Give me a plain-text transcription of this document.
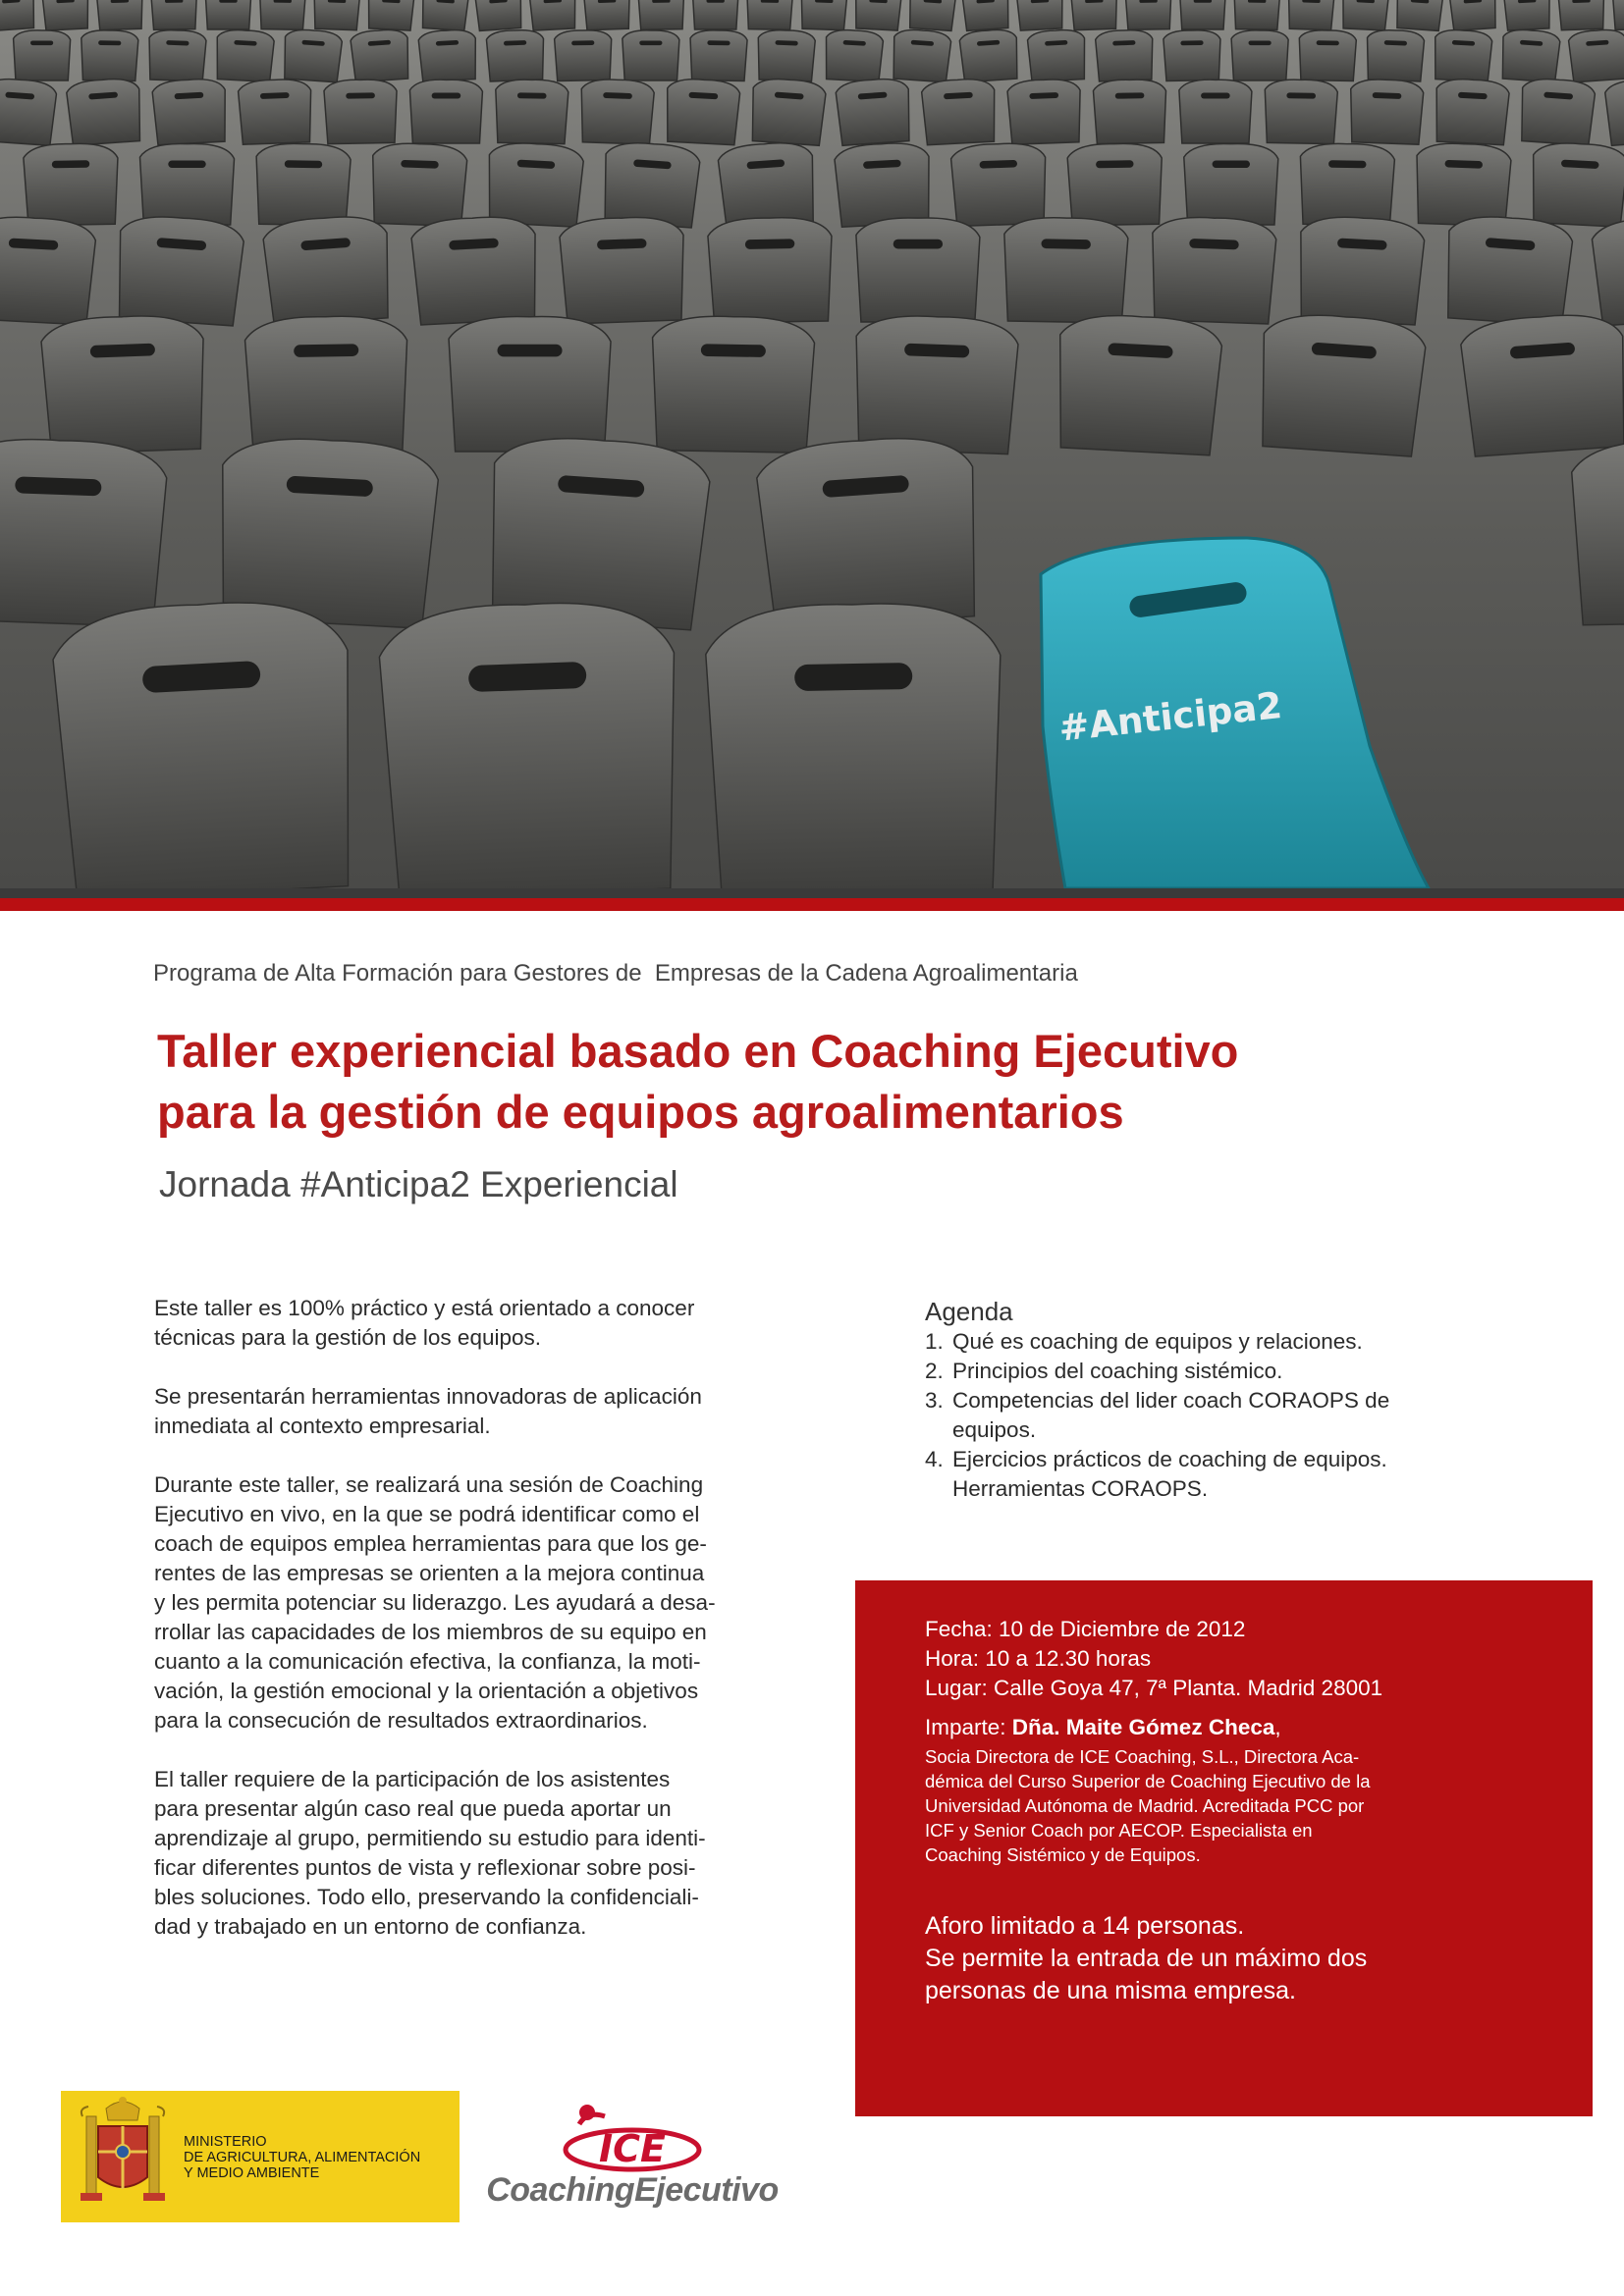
#Anticipa2
Programa de Alta Formación para Gestores de  Empresas de la Cadena Agroalimentaria
Taller experiencial basado en Coaching Ejecutivo
para la gestión de equipos agroalimentarios
Jornada #Anticipa2 Experiencial

Este taller es 100% práctico y está orientado a conocer
técnicas para la gestión de los equipos.

Se presentarán herramientas innovadoras de aplicación
inmediata al contexto empresarial.

Durante este taller, se realizará una sesión de Coaching
Ejecutivo en vivo, en la que se podrá identificar como el
coach de equipos emplea herramientas para que los ge-
rentes de las empresas se orienten a la mejora continua
y les permita potenciar su liderazgo. Les ayudará a desa-
rrollar las capacidades de los miembros de su equipo en
cuanto a la comunicación efectiva, la confianza, la moti-
vación, la gestión emocional y la orientación a objetivos
para la consecución de resultados extraordinarios.

El taller requiere de la participación de los asistentes
para presentar algún caso real que pueda aportar un
aprendizaje al grupo, permitiendo su estudio para identi-
ficar diferentes puntos de vista y reflexionar sobre posi-
bles soluciones. Todo ello, preservando la confidenciali-
dad y trabajado en un entorno de confianza.

Agenda
1. Qué es coaching de equipos y relaciones.
2. Principios del coaching sistémico.
3. Competencias del lider coach CORAOPS de
equipos.
4. Ejercicios prácticos de coaching de equipos.
Herramientas CORAOPS.
Fecha: 10 de Diciembre de 2012
Hora: 10 a 12.30 horas
Lugar: Calle Goya 47, 7ª Planta. Madrid 28001
Imparte: Dña. Maite Gómez Checa,
Socia Directora de ICE Coaching, S.L., Directora Aca-
démica del Curso Superior de Coaching Ejecutivo de la
Universidad Autónoma de Madrid. Acreditada PCC por
ICF y Senior Coach por AECOP. Especialista en
Coaching Sistémico y de Equipos.
Aforo limitado a 14 personas.
Se permite la entrada de un máximo dos
personas de una misma empresa.
MINISTERIO
DE AGRICULTURA, ALIMENTACIÓN
Y MEDIO AMBIENTE
ICE
CoachingEjecutivo
